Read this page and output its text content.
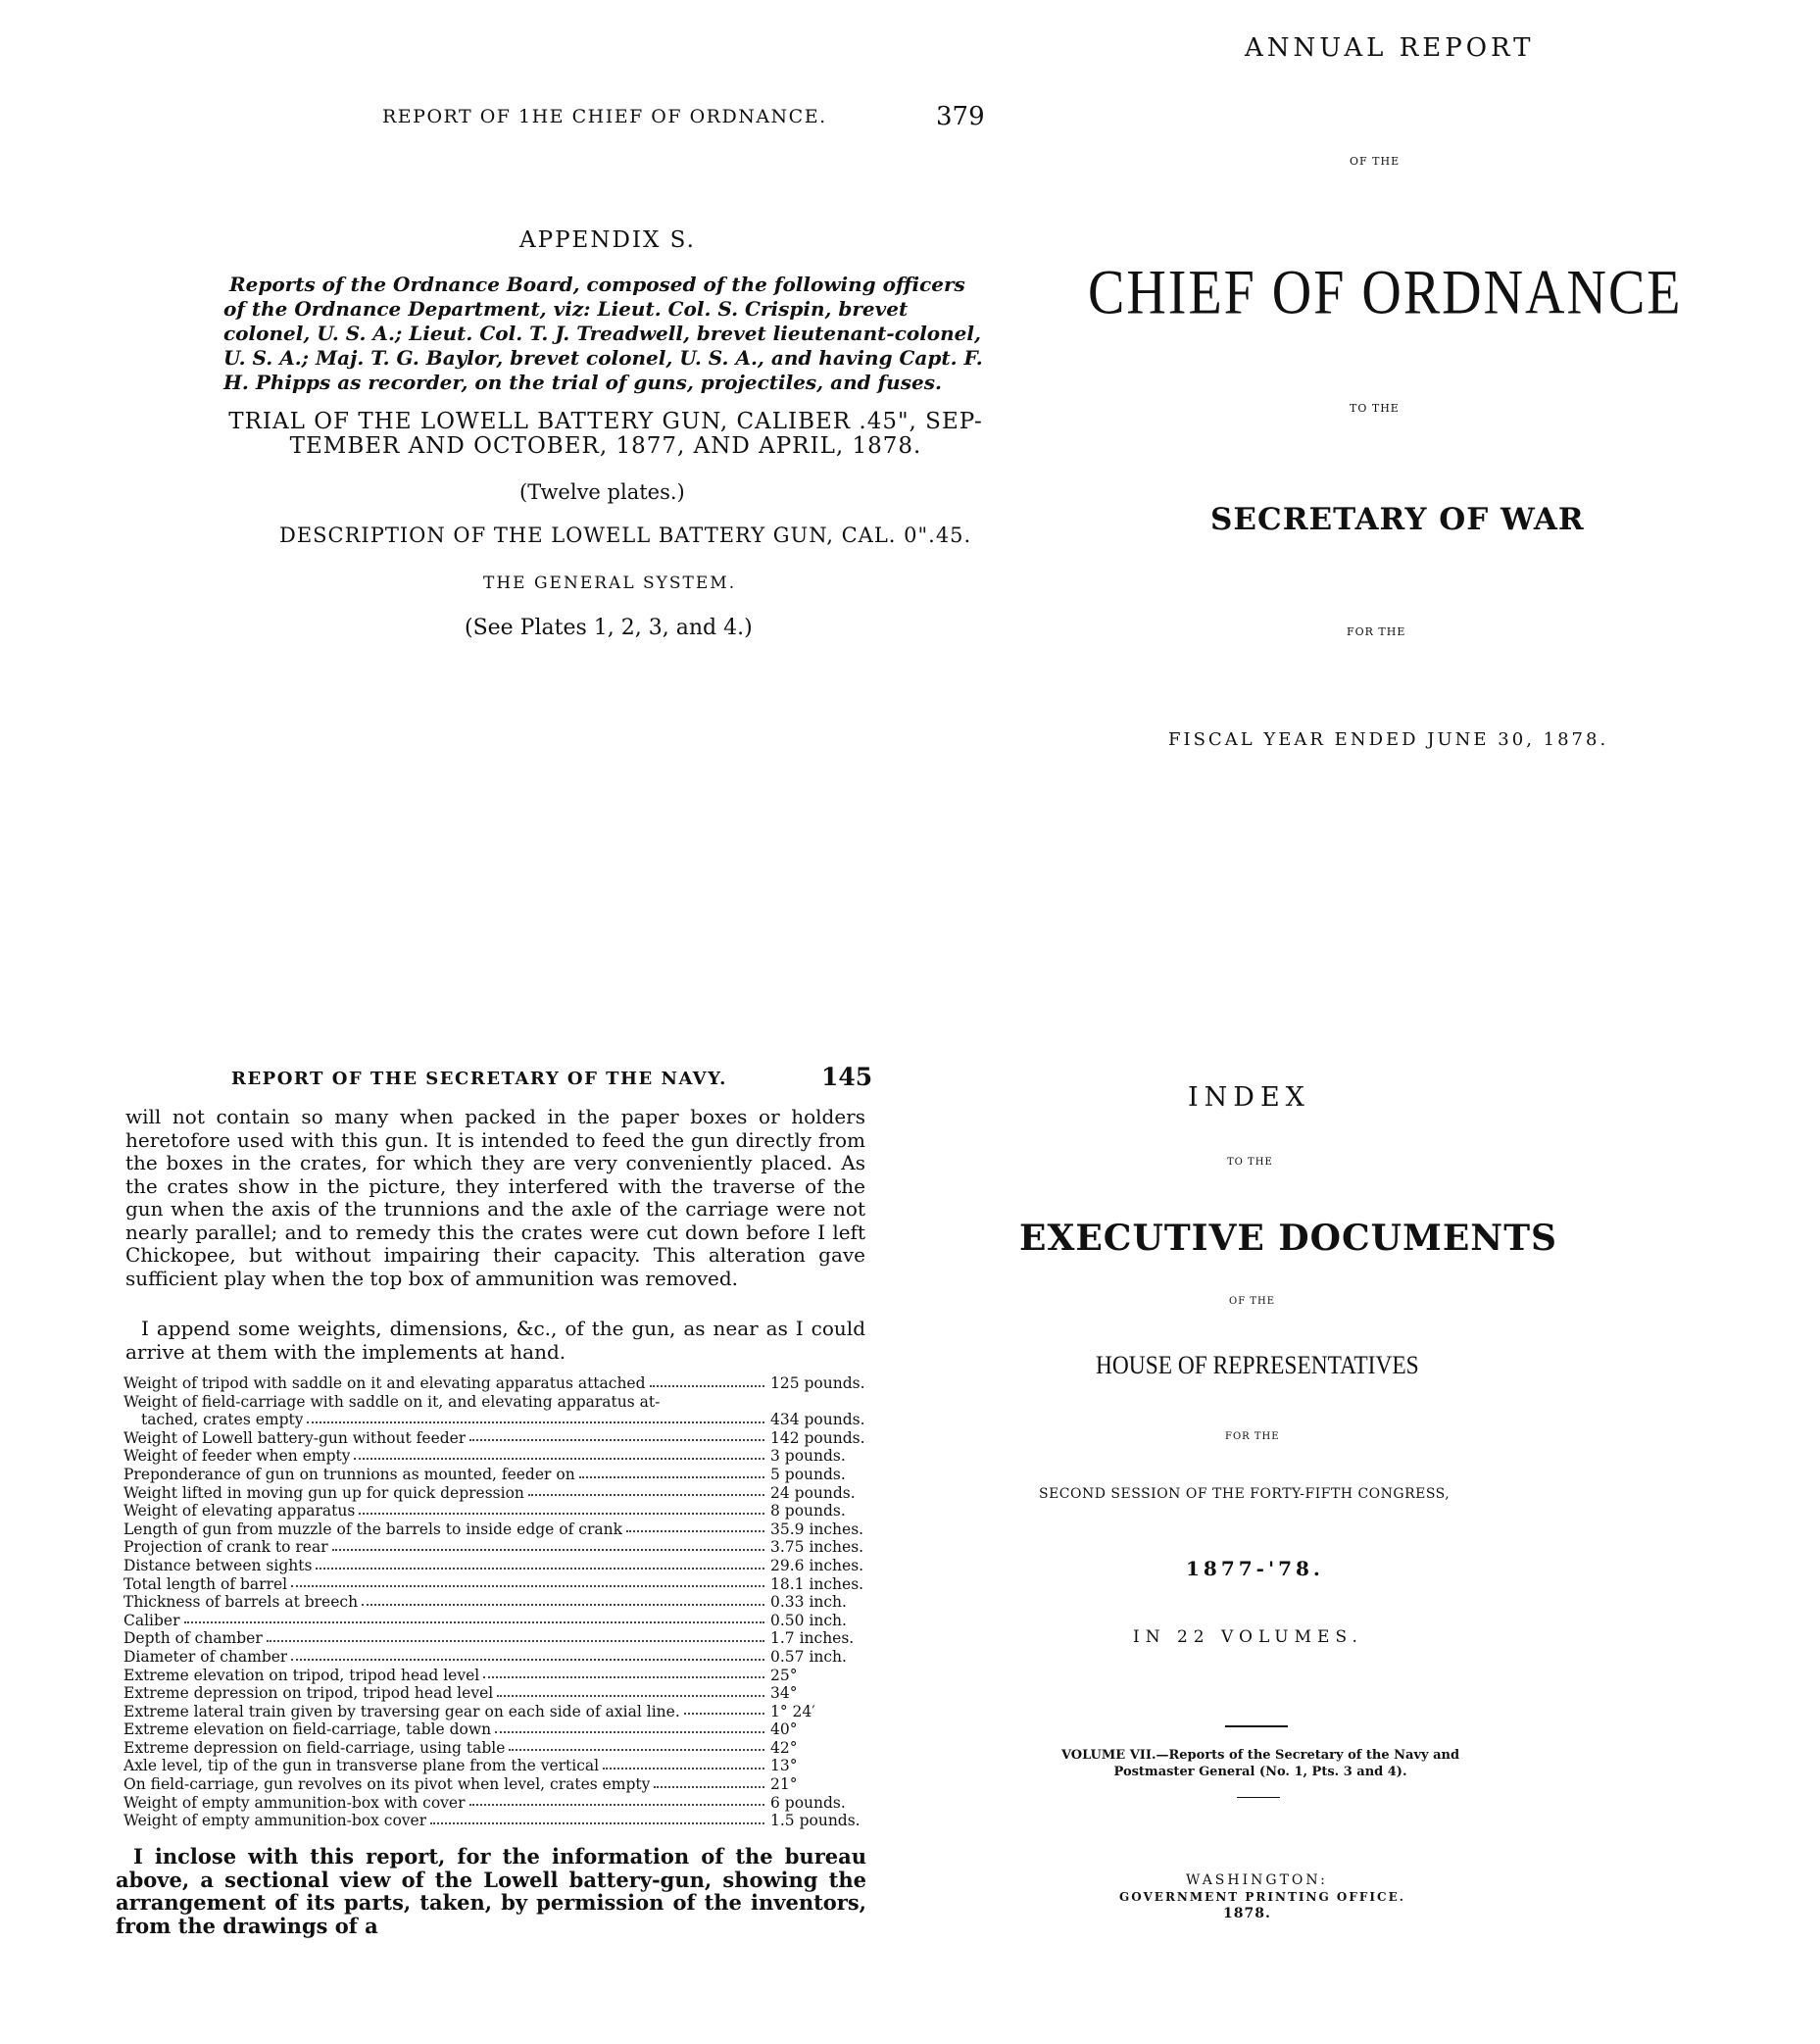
REPORT OF 1HE CHIEF OF ORDNANCE.	379
APPENDIX S.
Reports of the Ordnance Board, composed of the following officers of the Ordnance Department, viz: Lieut. Col. S. Crispin, brevet colonel, U. S. A.; Lieut. Col. T. J. Treadwell, brevet lieutenant-colonel, U. S. A.; Maj. T. G. Baylor, brevet colonel, U. S. A., and having Capt. F. H. Phipps as recorder, on the trial of guns, projectiles, and fuses.
TRIAL OF THE LOWELL BATTERY GUN, CALIBER .45", SEP-TEMBER AND OCTOBER, 1877, AND APRIL, 1878.
(Twelve plates.)
DESCRIPTION OF THE LOWELL BATTERY GUN, CAL. 0".45.
THE GENERAL SYSTEM.
(See Plates 1, 2, 3, and 4.)
ANNUAL REPORT
OF THE
CHIEF OF ORDNANCE
TO THE
SECRETARY OF WAR
FOR THE
FISCAL YEAR ENDED JUNE 30, 1878.
REPORT OF THE SECRETARY OF THE NAVY.	145
will not contain so many when packed in the paper boxes or holders heretofore used with this gun. It is intended to feed the gun directly from the boxes in the crates, for which they are very conveniently placed. As the crates show in the picture, they interfered with the traverse of the gun when the axis of the trunnions and the axle of the carriage were not nearly parallel; and to remedy this the crates were cut down before I left Chickopee, but without impairing their capacity. This alteration gave sufficient play when the top box of ammunition was removed.
I append some weights, dimensions, &c., of the gun, as near as I could arrive at them with the implements at hand.
Weight of tripod with saddle on it and elevating apparatus attached	125 pounds.
Weight of field-carriage with saddle on it, and elevating apparatus at-
tached, crates empty	434 pounds.
Weight of Lowell battery-gun without feeder	142 pounds.
Weight of feeder when empty	3 pounds.
Preponderance of gun on trunnions as mounted, feeder on	5 pounds.
Weight lifted in moving gun up for quick depression	24 pounds.
Weight of elevating apparatus	8 pounds.
Length of gun from muzzle of the barrels to inside edge of crank	35.9 inches.
Projection of crank to rear	3.75 inches.
Distance between sights	29.6 inches.
Total length of barrel	18.1 inches.
Thickness of barrels at breech	0.33 inch.
Caliber	0.50 inch.
Depth of chamber	1.7 inches.
Diameter of chamber	0.57 inch.
Extreme elevation on tripod, tripod head level	25°
Extreme depression on tripod, tripod head level	34°
Extreme lateral train given by traversing gear on each side of axial line.	1° 24′
Extreme elevation on field-carriage, table down	40°
Extreme depression on field-carriage, using table	42°
Axle level, tip of the gun in transverse plane from the vertical	13°
On field-carriage, gun revolves on its pivot when level, crates empty	21°
Weight of empty ammunition-box with cover	6 pounds.
Weight of empty ammunition-box cover	1.5 pounds.
I inclose with this report, for the information of the bureau above, a sectional view of the Lowell battery-gun, showing the arrangement of its parts, taken, by permission of the inventors, from the drawings of a
INDEX
TO THE
EXECUTIVE DOCUMENTS
OF THE
HOUSE OF REPRESENTATIVES
FOR THE
SECOND SESSION OF THE FORTY-FIFTH CONGRESS,
1877-'78.
IN 22 VOLUMES.
VOLUME VII.—Reports of the Secretary of the Navy and Postmaster General (No. 1, Pts. 3 and 4).
WASHINGTON:
GOVERNMENT PRINTING OFFICE.
1878.
